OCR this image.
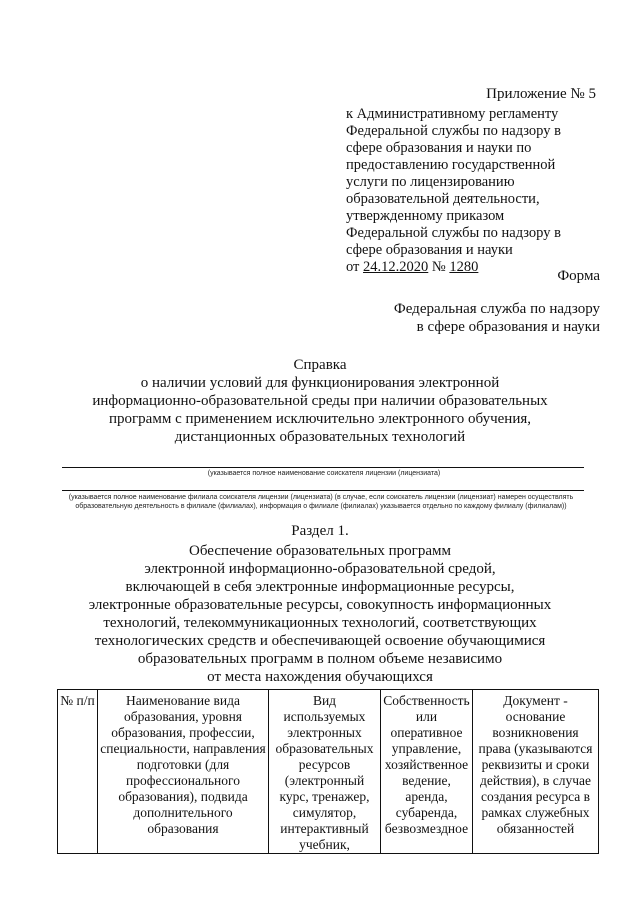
Приложение № 5
к Административному регламенту
Федеральной службы по надзору в
сфере образования и науки по
предоставлению государственной
услуги по лицензированию
образовательной деятельности,
утвержденному приказом
Федеральной службы по надзору в
сфере образования и науки
от 24.12.2020 № 1280
Форма
Федеральная служба по надзору
в сфере образования и науки
Справка
о наличии условий для функционирования электронной
информационно-образовательной среды при наличии образовательных
программ с применением исключительно электронного обучения,
дистанционных образовательных технологий
(указывается полное наименование соискателя лицензии (лицензиата)
(указывается полное наименование филиала соискателя лицензии (лицензиата) (в случае, если соискатель лицензии (лицензиат) намерен осуществлять
образовательную деятельность в филиале (филиалах), информация о филиале (филиалах) указывается отдельно по каждому филиалу (филиалам))
Раздел 1.
Обеспечение образовательных программ
электронной информационно-образовательной средой,
включающей в себя электронные информационные ресурсы,
электронные образовательные ресурсы, совокупность информационных
технологий, телекоммуникационных технологий, соответствующих
технологических средств и обеспечивающей освоение обучающимися
образовательных программ в полном объеме независимо
от места нахождения обучающихся
№ п/п	Наименование вида образования, уровня образования, профессии, специальности, направления подготовки (для профессионального образования), подвида дополнительного образования	Вид используемых электронных образовательных ресурсов (электронный курс, тренажер, симулятор, интерактивный учебник,	Собственность или оперативное управление, хозяйственное ведение, аренда, субаренда, безвозмездное	Документ - основание возникновения права (указываются реквизиты и сроки действия), в случае создания ресурса в рамках служебных обязанностей
